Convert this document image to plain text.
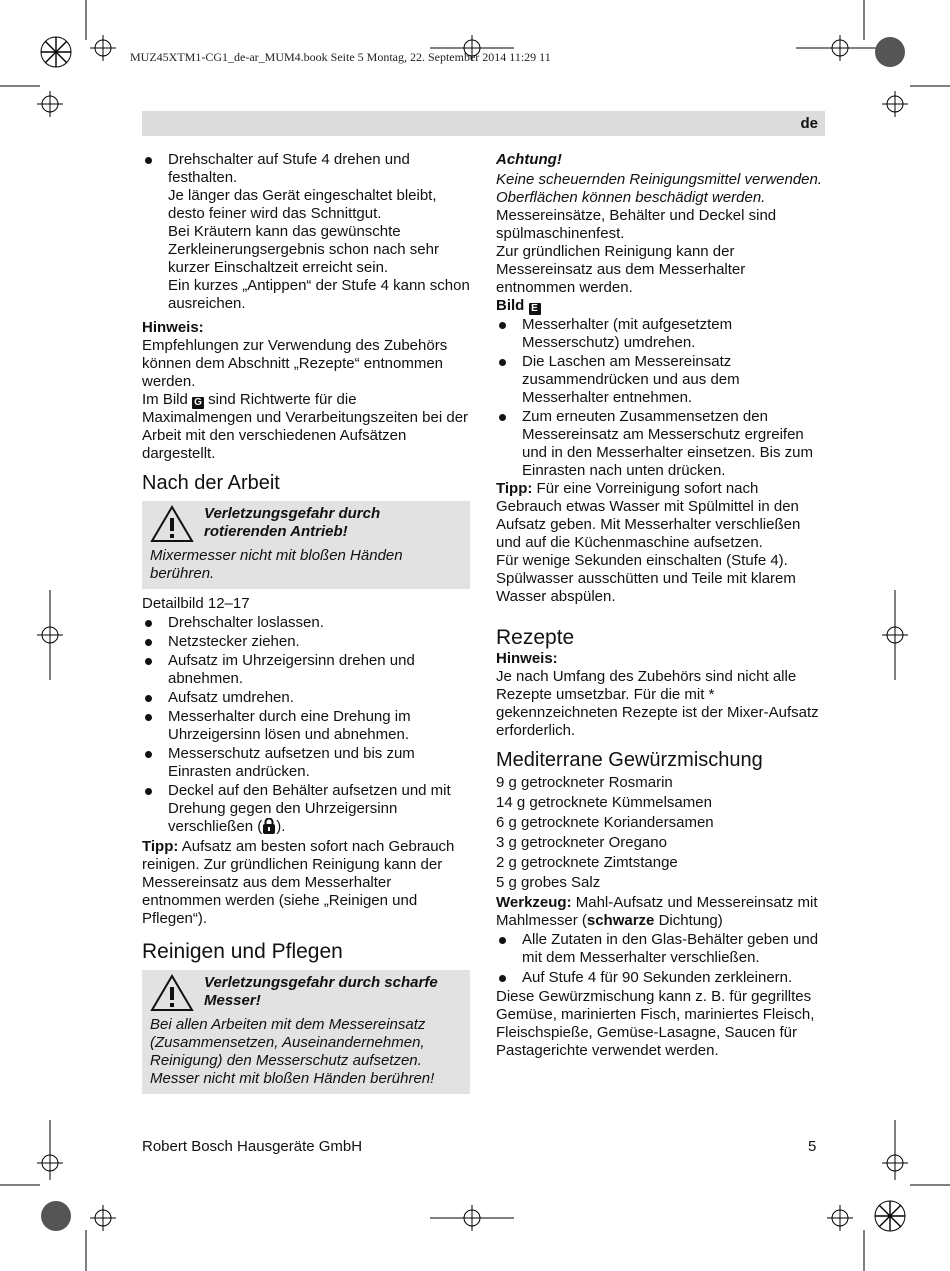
MUZ45XTM1-CG1_de-ar_MUM4.book Seite 5 Montag, 22. September 2014 11:29 11
de

Drehschalter auf Stufe 4 drehen und festhalten.

Je länger das Gerät eingeschaltet bleibt, desto feiner wird das Schnittgut.

Bei Kräutern kann das gewünschte Zerkleinerungsergebnis schon nach sehr kurzer Einschaltzeit erreicht sein.

Ein kurzes „Antippen“ der Stufe 4 kann schon ausreichen.

Hinweis:

Empfehlungen zur Verwendung des Zubehörs können dem Abschnitt „Rezepte“ entnommen werden.

Im Bild G sind Richtwerte für die Maximalmengen und Verarbeitungszeiten bei der Arbeit mit den verschiedenen Aufsätzen dargestellt.

Nach der Arbeit
Verletzungsgefahr durch rotierenden Antrieb!
Mixermesser nicht mit bloßen Händen berühren.

Detailbild 12–17

Drehschalter loslassen.

Netzstecker ziehen.

Aufsatz im Uhrzeigersinn drehen und abnehmen.

Aufsatz umdrehen.

Messerhalter durch eine Drehung im Uhrzeigersinn lösen und abnehmen.

Messerschutz aufsetzen und bis zum Einrasten andrücken.

Deckel auf den Behälter aufsetzen und mit Drehung gegen den Uhrzeigersinn verschließen ( ).

Tipp: Aufsatz am besten sofort nach Gebrauch reinigen. Zur gründlichen Reinigung kann der Messereinsatz aus dem Messerhalter entnommen werden (siehe „Reinigen und Pflegen“).

Reinigen und Pflegen
Verletzungsgefahr durch scharfe Messer!
Bei allen Arbeiten mit dem Messereinsatz (Zusammensetzen, Auseinandernehmen, Reinigung) den Messerschutz aufsetzen. Messer nicht mit bloßen Händen berühren!

Achtung!

Keine scheuernden Reinigungsmittel verwenden. Oberflächen können beschädigt werden.

Messereinsätze, Behälter und Deckel sind spülmaschinenfest.

Zur gründlichen Reinigung kann der Messereinsatz aus dem Messerhalter entnommen werden.

Bild E

Messerhalter (mit aufgesetztem Messerschutz) umdrehen.

Die Laschen am Messereinsatz zusammendrücken und aus dem Messerhalter entnehmen.

Zum erneuten Zusammensetzen den Messereinsatz am Messerschutz ergreifen und in den Messerhalter einsetzen. Bis zum Einrasten nach unten drücken.

Tipp: Für eine Vorreinigung sofort nach Gebrauch etwas Wasser mit Spülmittel in den Aufsatz geben. Mit Messerhalter verschließen und auf die Küchenmaschine aufsetzen.

Für wenige Sekunden einschalten (Stufe 4). Spülwasser ausschütten und Teile mit klarem Wasser abspülen.

Rezepte

Hinweis:

Je nach Umfang des Zubehörs sind nicht alle Rezepte umsetzbar. Für die mit * gekennzeichneten Rezepte ist der Mixer-Aufsatz erforderlich.

Mediterrane Gewürzmischung

9 g getrockneter Rosmarin

14 g getrocknete Kümmelsamen

6 g getrocknete Koriandersamen

3 g getrockneter Oregano

2 g getrocknete Zimtstange

5 g grobes Salz

Werkzeug: Mahl-Aufsatz und Messereinsatz mit Mahlmesser (schwarze Dichtung)

Alle Zutaten in den Glas-Behälter geben und mit dem Messerhalter verschließen.

Auf Stufe 4 für 90 Sekunden zerkleinern.

Diese Gewürzmischung kann z. B. für gegrilltes Gemüse, marinierten Fisch, mariniertes Fleisch, Fleischspieße, Gemüse-Lasagne, Saucen für Pastagerichte verwendet werden.

Robert Bosch Hausgeräte GmbH	5
